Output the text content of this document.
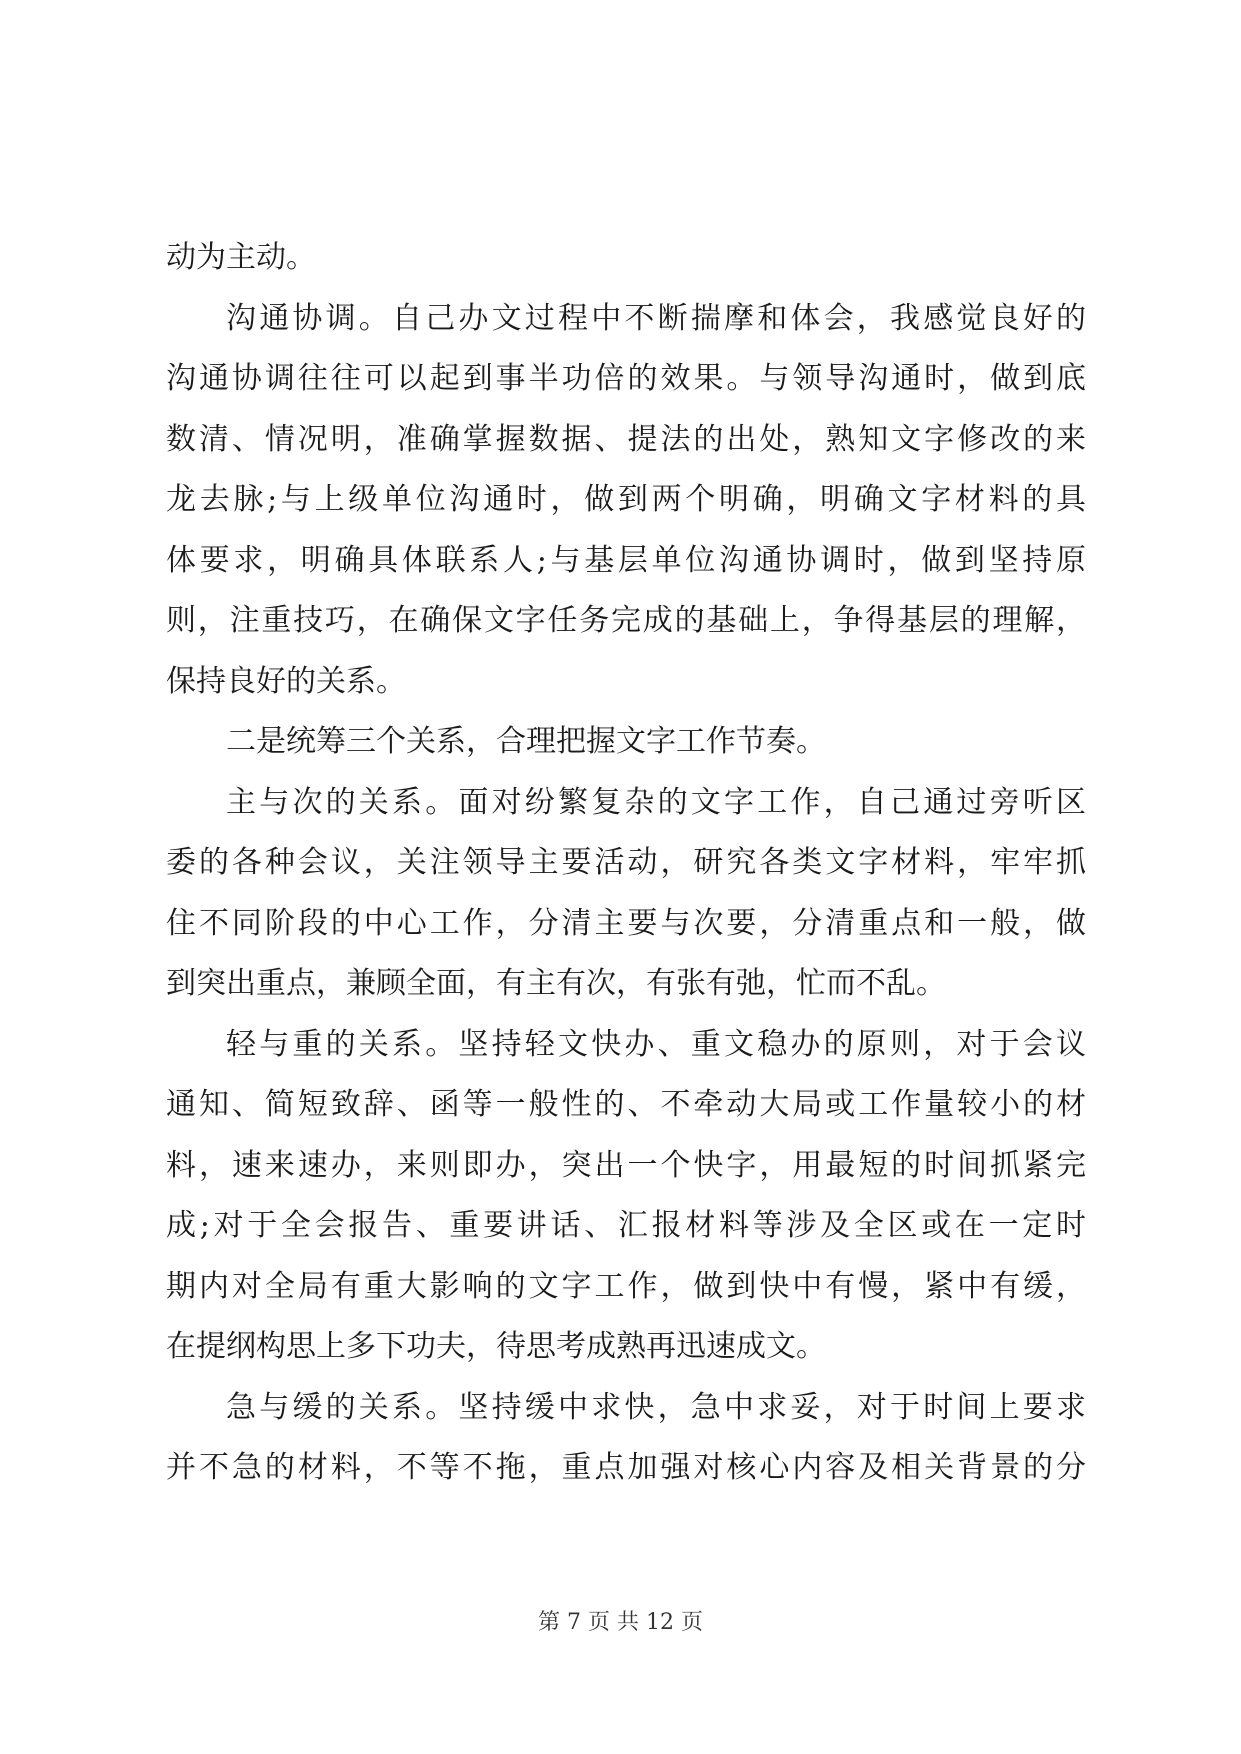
动为主动。
沟通协调。自己办文过程中不断揣摩和体会，我感觉良好的
沟通协调往往可以起到事半功倍的效果。与领导沟通时，做到底
数清、情况明，准确掌握数据、提法的出处，熟知文字修改的来
龙去脉;与上级单位沟通时，做到两个明确，明确文字材料的具
体要求，明确具体联系人;与基层单位沟通协调时，做到坚持原
则，注重技巧，在确保文字任务完成的基础上，争得基层的理解，
保持良好的关系。
二是统筹三个关系，合理把握文字工作节奏。
主与次的关系。面对纷繁复杂的文字工作，自己通过旁听区
委的各种会议，关注领导主要活动，研究各类文字材料，牢牢抓
住不同阶段的中心工作，分清主要与次要，分清重点和一般，做
到突出重点，兼顾全面，有主有次，有张有弛，忙而不乱。
轻与重的关系。坚持轻文快办、重文稳办的原则，对于会议
通知、简短致辞、函等一般性的、不牵动大局或工作量较小的材
料，速来速办，来则即办，突出一个快字，用最短的时间抓紧完
成;对于全会报告、重要讲话、汇报材料等涉及全区或在一定时
期内对全局有重大影响的文字工作，做到快中有慢，紧中有缓，
在提纲构思上多下功夫，待思考成熟再迅速成文。
急与缓的关系。坚持缓中求快，急中求妥，对于时间上要求
并不急的材料，不等不拖，重点加强对核心内容及相关背景的分
第 7 页 共 12 页
